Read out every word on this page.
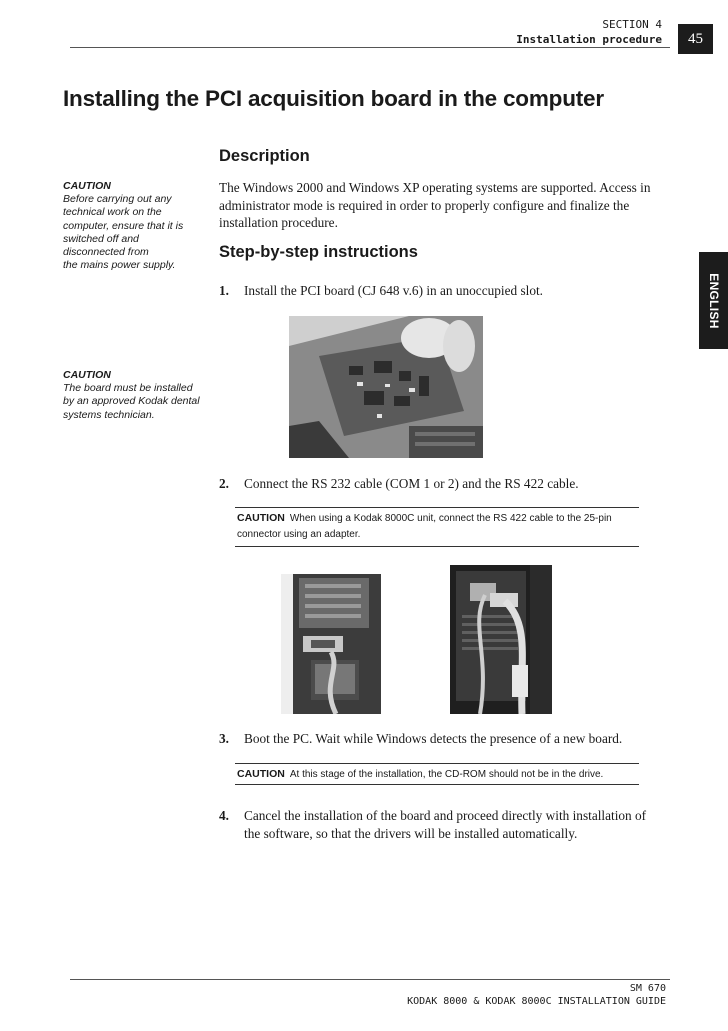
SECTION 4
Installation procedure	45
Installing the PCI acquisition board in the computer
Description
The Windows 2000 and Windows XP operating systems are supported. Access in administrator mode is required in order to properly configure and finalize the installation procedure.
CAUTION
Before carrying out any
technical work on the
computer, ensure that it is
switched off and
disconnected from
the mains power supply.
CAUTION
The board must be installed
by an approved Kodak dental
systems technician.
ENGLISH
Step-by-step instructions
1. Install the PCI board (CJ 648 v.6) in an unoccupied slot.
2. Connect the RS 232 cable (COM 1 or 2) and the RS 422 cable.
CAUTION When using a Kodak 8000C unit, connect the RS 422 cable to the 25-pin connector using an adapter.
3. Boot the PC. Wait while Windows detects the presence of a new board.
CAUTION At this stage of the installation, the CD-ROM should not be in the drive.
4. Cancel the installation of the board and proceed directly with installation of the software, so that the drivers will be installed automatically.
SM 670
KODAK 8000 & KODAK 8000C INSTALLATION GUIDE
